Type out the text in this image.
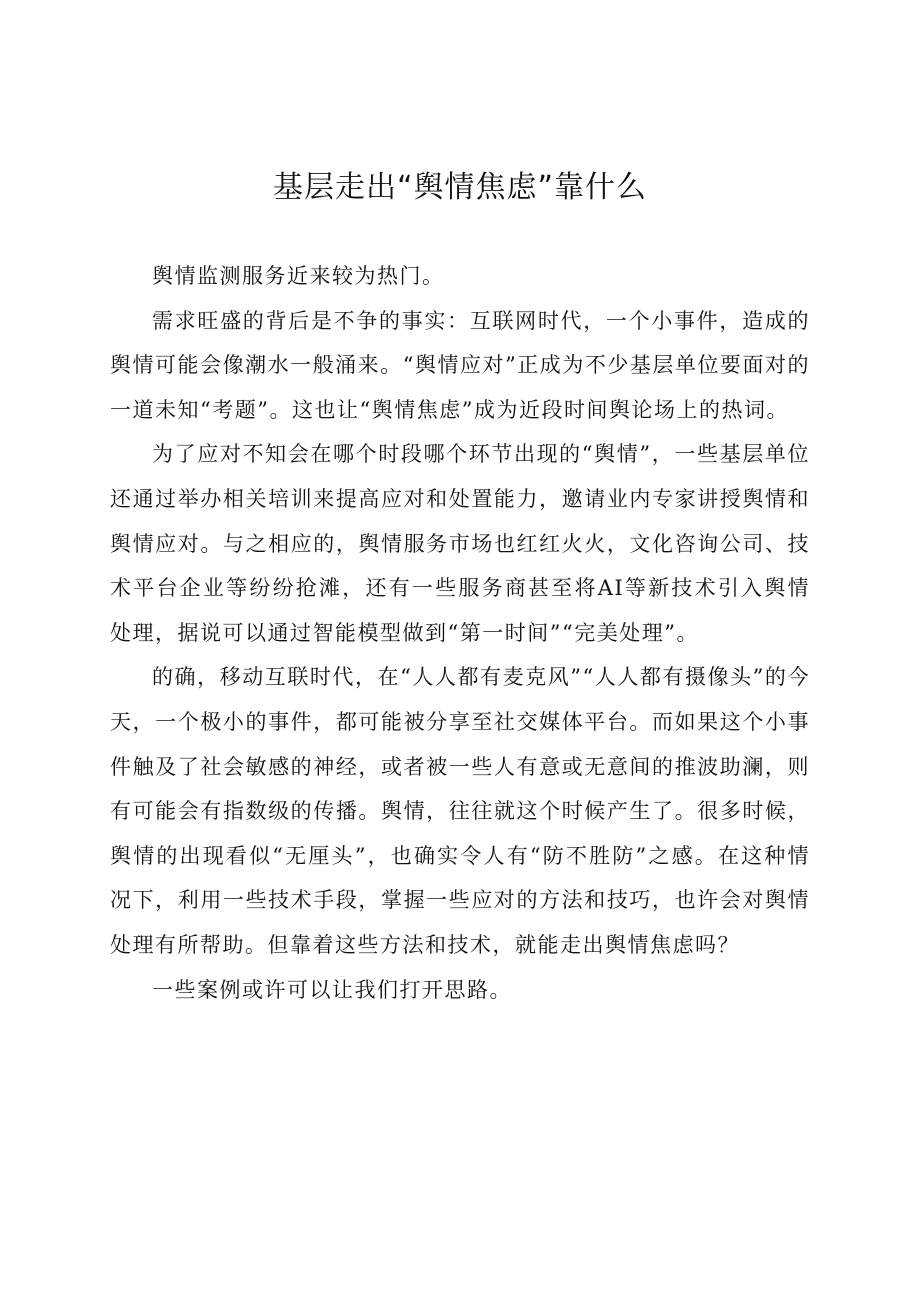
基层走出“舆情焦虑”靠什么

舆情监测服务近来较为热门。

需求旺盛的背后是不争的事实：互联网时代，一个小事件，造成的舆情可能会像潮水一般涌来。“舆情应对”正成为不少基层单位要面对的一道未知“考题”。这也让“舆情焦虑”成为近段时间舆论场上的热词。

为了应对不知会在哪个时段哪个环节出现的“舆情”，一些基层单位还通过举办相关培训来提高应对和处置能力，邀请业内专家讲授舆情和舆情应对。与之相应的，舆情服务市场也红红火火，文化咨询公司、技术平台企业等纷纷抢滩，还有一些服务商甚至将AI等新技术引入舆情处理，据说可以通过智能模型做到“第一时间”“完美处理”。

的确，移动互联时代，在“人人都有麦克风”“人人都有摄像头”的今天，一个极小的事件，都可能被分享至社交媒体平台。而如果这个小事件触及了社会敏感的神经，或者被一些人有意或无意间的推波助澜，则有可能会有指数级的传播。舆情，往往就这个时候产生了。很多时候，舆情的出现看似“无厘头”，也确实令人有“防不胜防”之感。在这种情况下，利用一些技术手段，掌握一些应对的方法和技巧，也许会对舆情处理有所帮助。但靠着这些方法和技术，就能走出舆情焦虑吗？

一些案例或许可以让我们打开思路。
